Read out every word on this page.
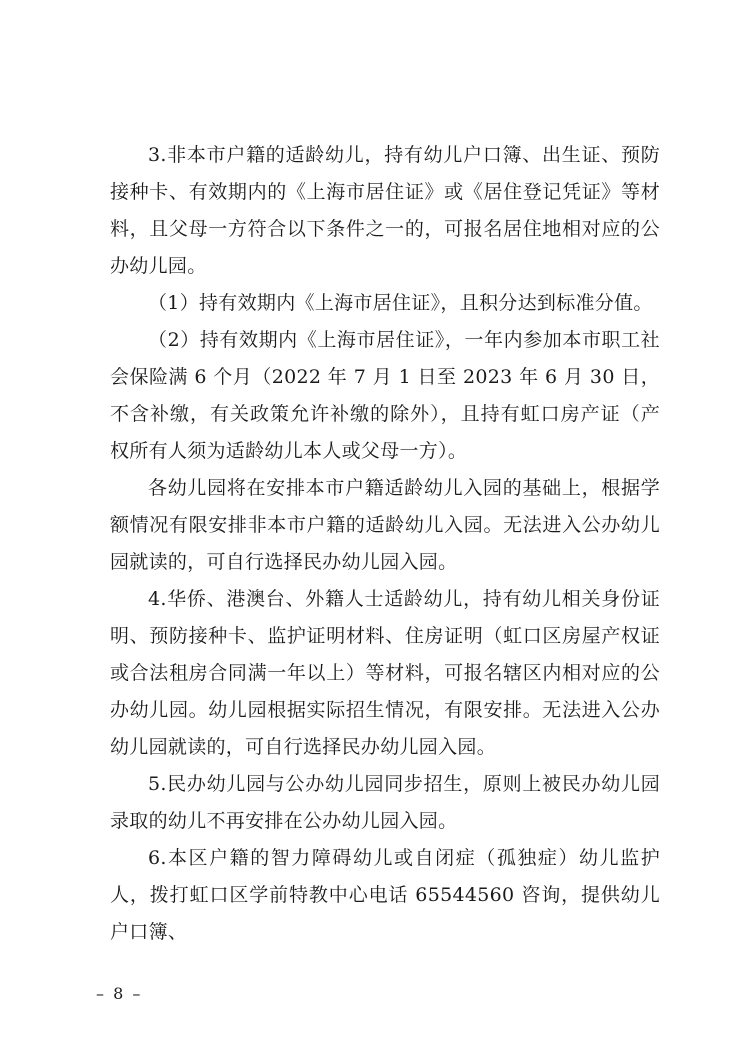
3.非本市户籍的适龄幼儿，持有幼儿户口簿、出生证、预防接种卡、有效期内的《上海市居住证》或《居住登记凭证》等材料，且父母一方符合以下条件之一的，可报名居住地相对应的公办幼儿园。

（1）持有效期内《上海市居住证》，且积分达到标准分值。

（2）持有效期内《上海市居住证》，一年内参加本市职工社会保险满 6 个月（2022 年 7 月 1 日至 2023 年 6 月 30 日，不含补缴，有关政策允许补缴的除外），且持有虹口房产证（产权所有人须为适龄幼儿本人或父母一方）。

各幼儿园将在安排本市户籍适龄幼儿入园的基础上，根据学额情况有限安排非本市户籍的适龄幼儿入园。无法进入公办幼儿园就读的，可自行选择民办幼儿园入园。

4.华侨、港澳台、外籍人士适龄幼儿，持有幼儿相关身份证明、预防接种卡、监护证明材料、住房证明（虹口区房屋产权证或合法租房合同满一年以上）等材料，可报名辖区内相对应的公办幼儿园。幼儿园根据实际招生情况，有限安排。无法进入公办幼儿园就读的，可自行选择民办幼儿园入园。

5.民办幼儿园与公办幼儿园同步招生，原则上被民办幼儿园录取的幼儿不再安排在公办幼儿园入园。

6.本区户籍的智力障碍幼儿或自闭症（孤独症）幼儿监护人，拨打虹口区学前特教中心电话 65544560 咨询，提供幼儿户口簿、

– 8 –
